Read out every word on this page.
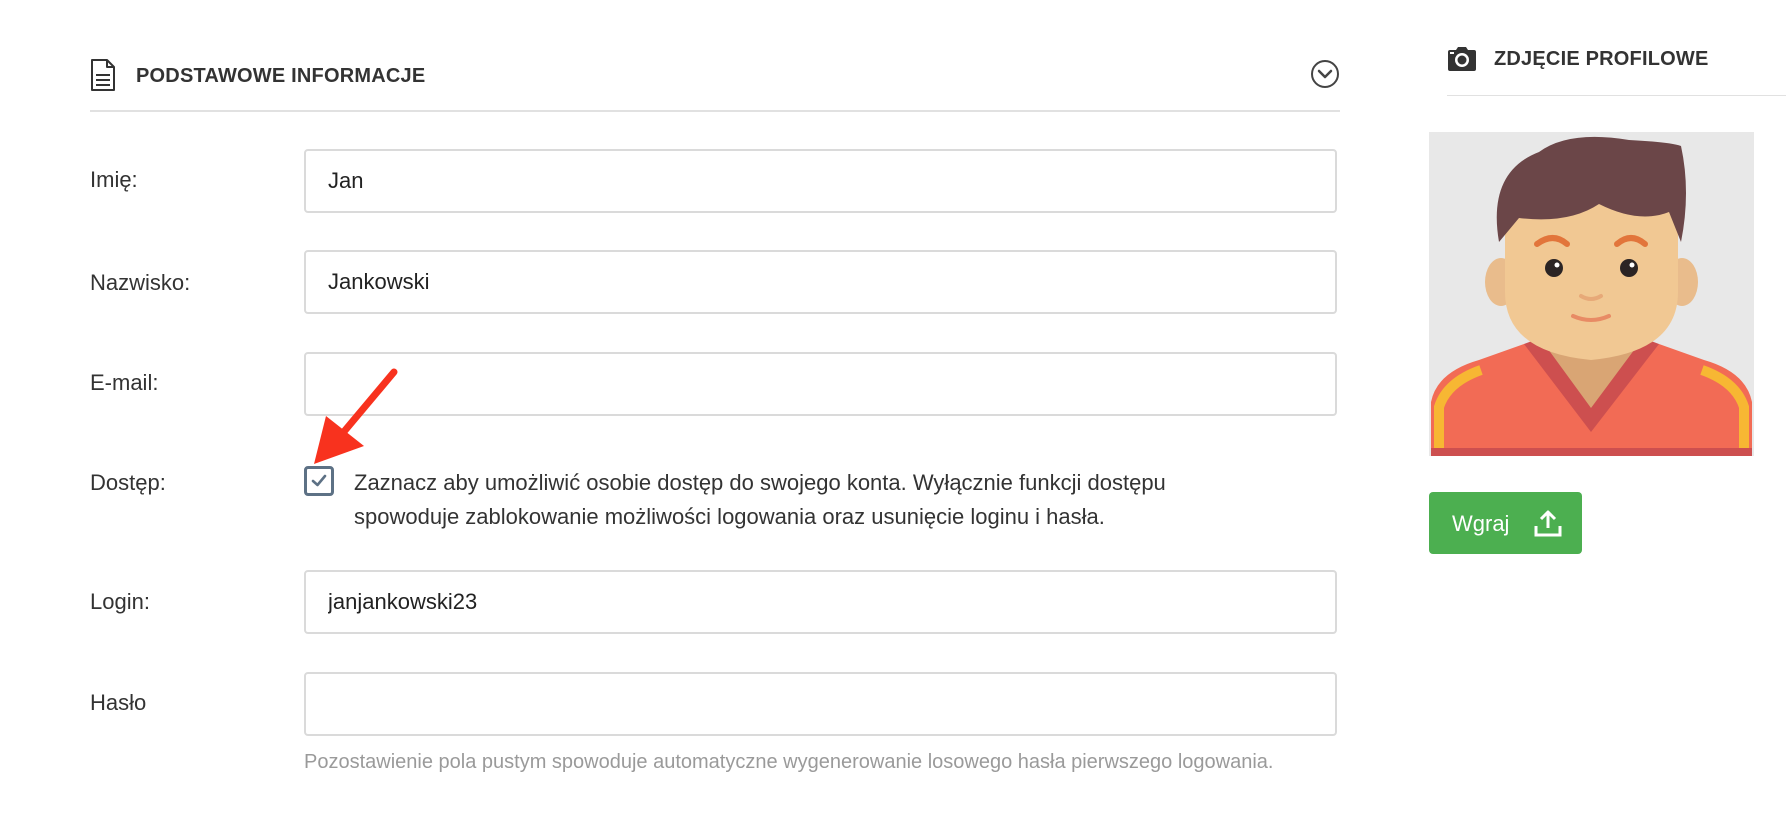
PODSTAWOWE INFORMACJE
Imię:
Jan
Nazwisko:
Jankowski
E-mail:
Dostęp:	Zaznacz aby umożliwić osobie dostęp do swojego konta. Wyłącznie funkcji dostępu spowoduje zablokowanie możliwości logowania oraz usunięcie loginu i hasła.
Login:
janjankowski23
Hasło
Pozostawienie pola pustym spowoduje automatyczne wygenerowanie losowego hasła pierwszego logowania.
ZDJĘCIE PROFILOWE
Wgraj
